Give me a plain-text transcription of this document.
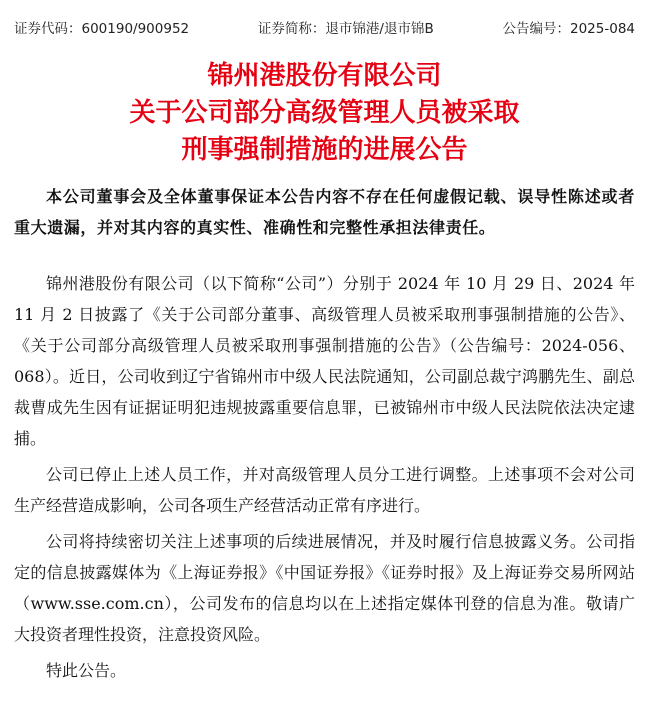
证券代码：600190/900952	证券简称：退市锦港/退市锦B	公告编号：2025-084
锦州港股份有限公司
关于公司部分高级管理人员被采取
刑事强制措施的进展公告
本公司董事会及全体董事保证本公告内容不存在任何虚假记载、误导性陈述或者重大遗漏，并对其内容的真实性、准确性和完整性承担法律责任。

锦州港股份有限公司（以下简称“公司”）分别于 2024 年 10 月 29 日、2024 年 11 月 2 日披露了《关于公司部分董事、高级管理人员被采取刑事强制措施的公告》、《关于公司部分高级管理人员被采取刑事强制措施的公告》（公告编号：2024-056、068）。近日，公司收到辽宁省锦州市中级人民法院通知，公司副总裁宁鸿鹏先生、副总裁曹成先生因有证据证明犯违规披露重要信息罪，已被锦州市中级人民法院依法决定逮捕。

公司已停止上述人员工作，并对高级管理人员分工进行调整。上述事项不会对公司生产经营造成影响，公司各项生产经营活动正常有序进行。

公司将持续密切关注上述事项的后续进展情况，并及时履行信息披露义务。公司指定的信息披露媒体为《上海证券报》《中国证券报》《证券时报》及上海证券交易所网站（www.sse.com.cn），公司发布的信息均以在上述指定媒体刊登的信息为准。敬请广大投资者理性投资，注意投资风险。

特此公告。
